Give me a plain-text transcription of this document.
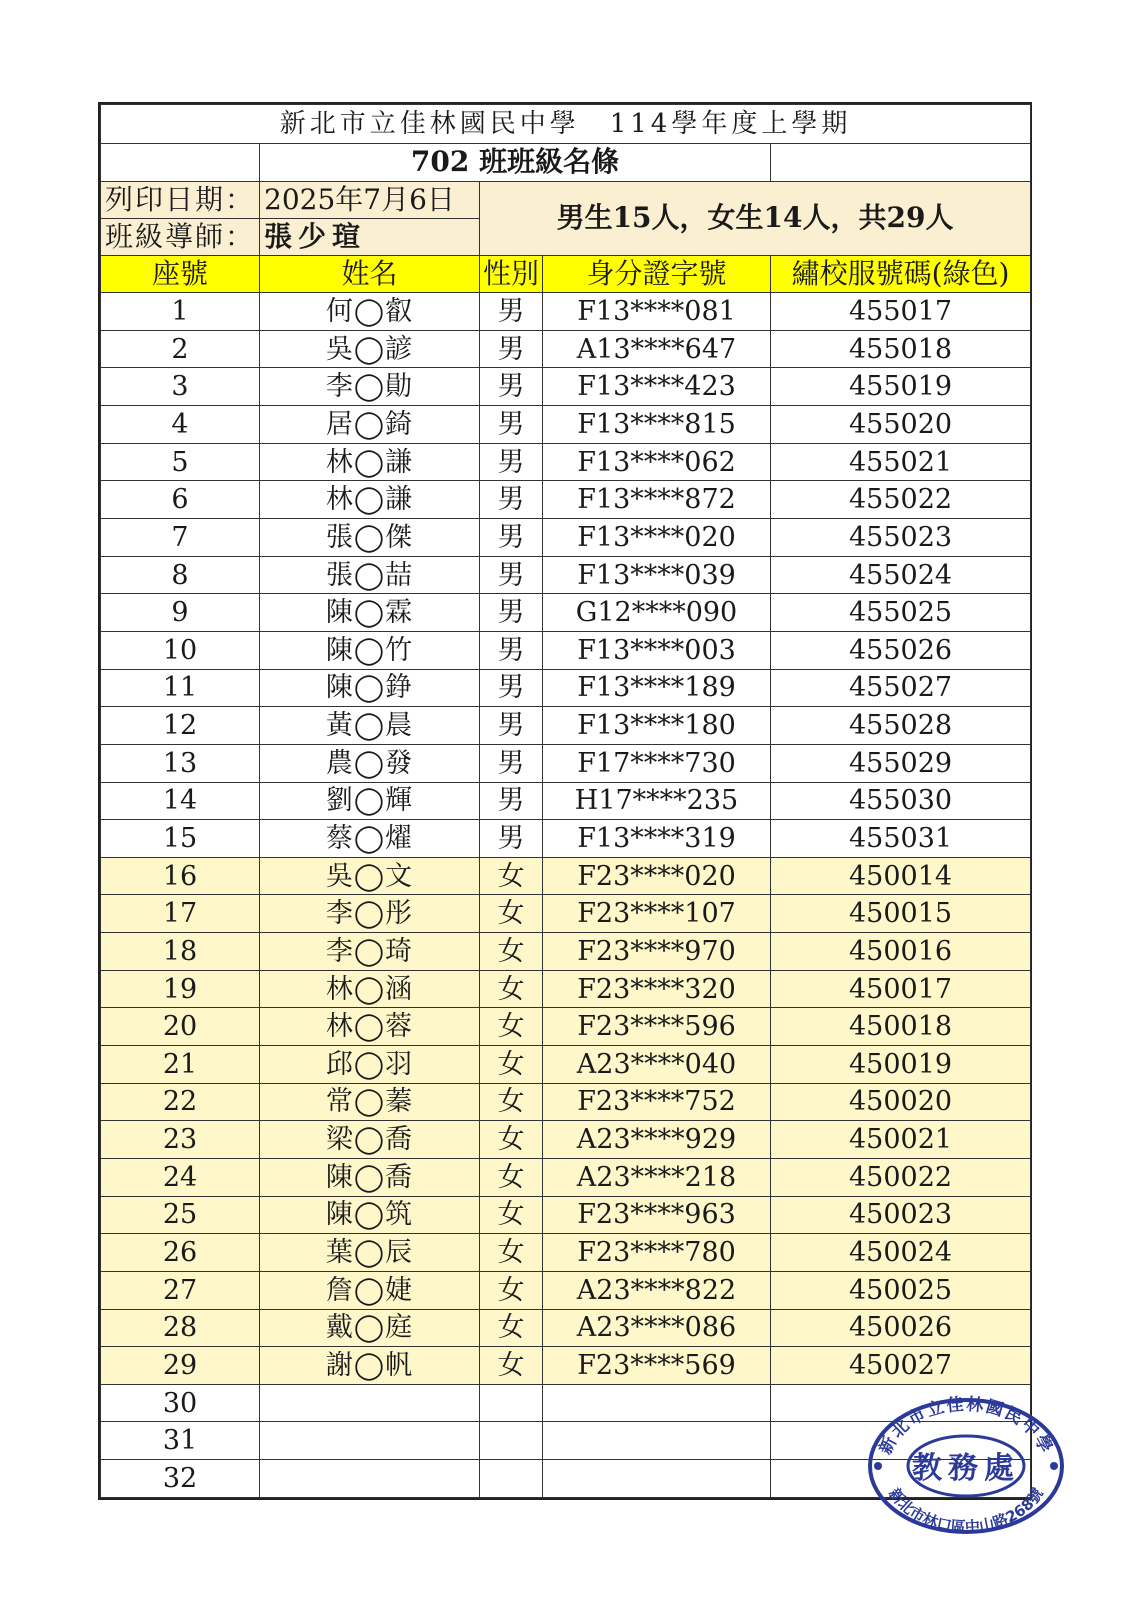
新北市立佳林國民中學　114學年度上學期				
	702 班班級名條			
列印日期：	2025年7月6日	男生15人，女生14人，共29人		
班級導師：	張少瑄			
座號	姓名	性別	身分證字號	繡校服號碼(綠色)
1	何◯叡	男	F13****081	455017
2	吳◯諺	男	A13****647	455018
3	李◯勛	男	F13****423	455019
4	居◯錡	男	F13****815	455020
5	林◯謙	男	F13****062	455021
6	林◯謙	男	F13****872	455022
7	張◯傑	男	F13****020	455023
8	張◯喆	男	F13****039	455024
9	陳◯霖	男	G12****090	455025
10	陳◯竹	男	F13****003	455026
11	陳◯錚	男	F13****189	455027
12	黃◯晨	男	F13****180	455028
13	農◯發	男	F17****730	455029
14	劉◯輝	男	H17****235	455030
15	蔡◯燿	男	F13****319	455031
16	吳◯文	女	F23****020	450014
17	李◯彤	女	F23****107	450015
18	李◯琦	女	F23****970	450016
19	林◯涵	女	F23****320	450017
20	林◯蓉	女	F23****596	450018
21	邱◯羽	女	A23****040	450019
22	常◯蓁	女	F23****752	450020
23	梁◯喬	女	A23****929	450021
24	陳◯喬	女	A23****218	450022
25	陳◯筑	女	F23****963	450023
26	葉◯辰	女	F23****780	450024
27	詹◯婕	女	A23****822	450025
28	戴◯庭	女	A23****086	450026
29	謝◯帆	女	F23****569	450027
30				
31				
32				
新北市立佳林國民中學
教務處
新北市林口區中山路268號
